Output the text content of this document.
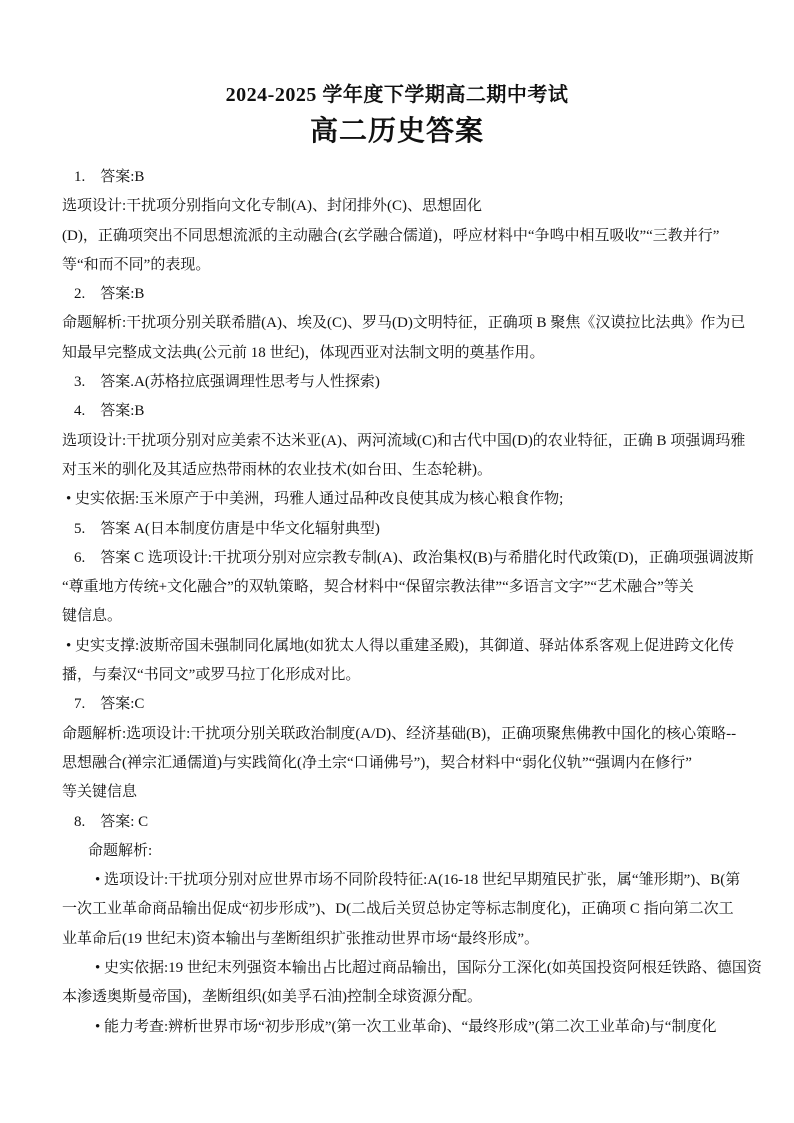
2024-2025 学年度下学期高二期中考试
高二历史答案
1.　答案:B
选项设计:干扰项分别指向文化专制(A)、封闭排外(C)、思想固化
(D)，正确项突出不同思想流派的主动融合(玄学融合儒道)，呼应材料中“争鸣中相互吸收”“三教并行”
等“和而不同”的表现。
2.　答案:B
命题解析:干扰项分别关联希腊(A)、埃及(C)、罗马(D)文明特征，正确项 B 聚焦《汉谟拉比法典》作为已
知最早完整成文法典(公元前 18 世纪)，体现西亚对法制文明的奠基作用。
3.　答案.A(苏格拉底强调理性思考与人性探索)
4.　答案:B
选项设计:干扰项分别对应美索不达米亚(A)、两河流域(C)和古代中国(D)的农业特征，正确 B 项强调玛雅
对玉米的驯化及其适应热带雨林的农业技术(如台田、生态轮耕)。
• 史实依据:玉米原产于中美洲，玛雅人通过品种改良使其成为核心粮食作物;
5.　答案 A(日本制度仿唐是中华文化辐射典型)
6.　答案 C 选项设计:干扰项分别对应宗教专制(A)、政治集权(B)与希腊化时代政策(D)，正确项强调波斯
“尊重地方传统+文化融合”的双轨策略，契合材料中“保留宗教法律”“多语言文字”“艺术融合”等关
键信息。
• 史实支撑:波斯帝国未强制同化属地(如犹太人得以重建圣殿)，其御道、驿站体系客观上促进跨文化传
播，与秦汉“书同文”或罗马拉丁化形成对比。
7.　答案:C
命题解析:选项设计:干扰项分别关联政治制度(A/D)、经济基础(B)，正确项聚焦佛教中国化的核心策略--
思想融合(禅宗汇通儒道)与实践简化(净土宗“口诵佛号”)，契合材料中“弱化仪轨”“强调内在修行”
等关键信息
8.　答案: C
命题解析:
• 选项设计:干扰项分别对应世界市场不同阶段特征:A(16-18 世纪早期殖民扩张，属“雏形期”)、B(第
一次工业革命商品输出促成“初步形成”)、D(二战后关贸总协定等标志制度化)，正确项 C 指向第二次工
业革命后(19 世纪末)资本输出与垄断组织扩张推动世界市场“最终形成”。
• 史实依据:19 世纪末列强资本输出占比超过商品输出，国际分工深化(如英国投资阿根廷铁路、德国资
本渗透奥斯曼帝国)，垄断组织(如美孚石油)控制全球资源分配。
• 能力考查:辨析世界市场“初步形成”(第一次工业革命)、“最终形成”(第二次工业革命)与“制度化
